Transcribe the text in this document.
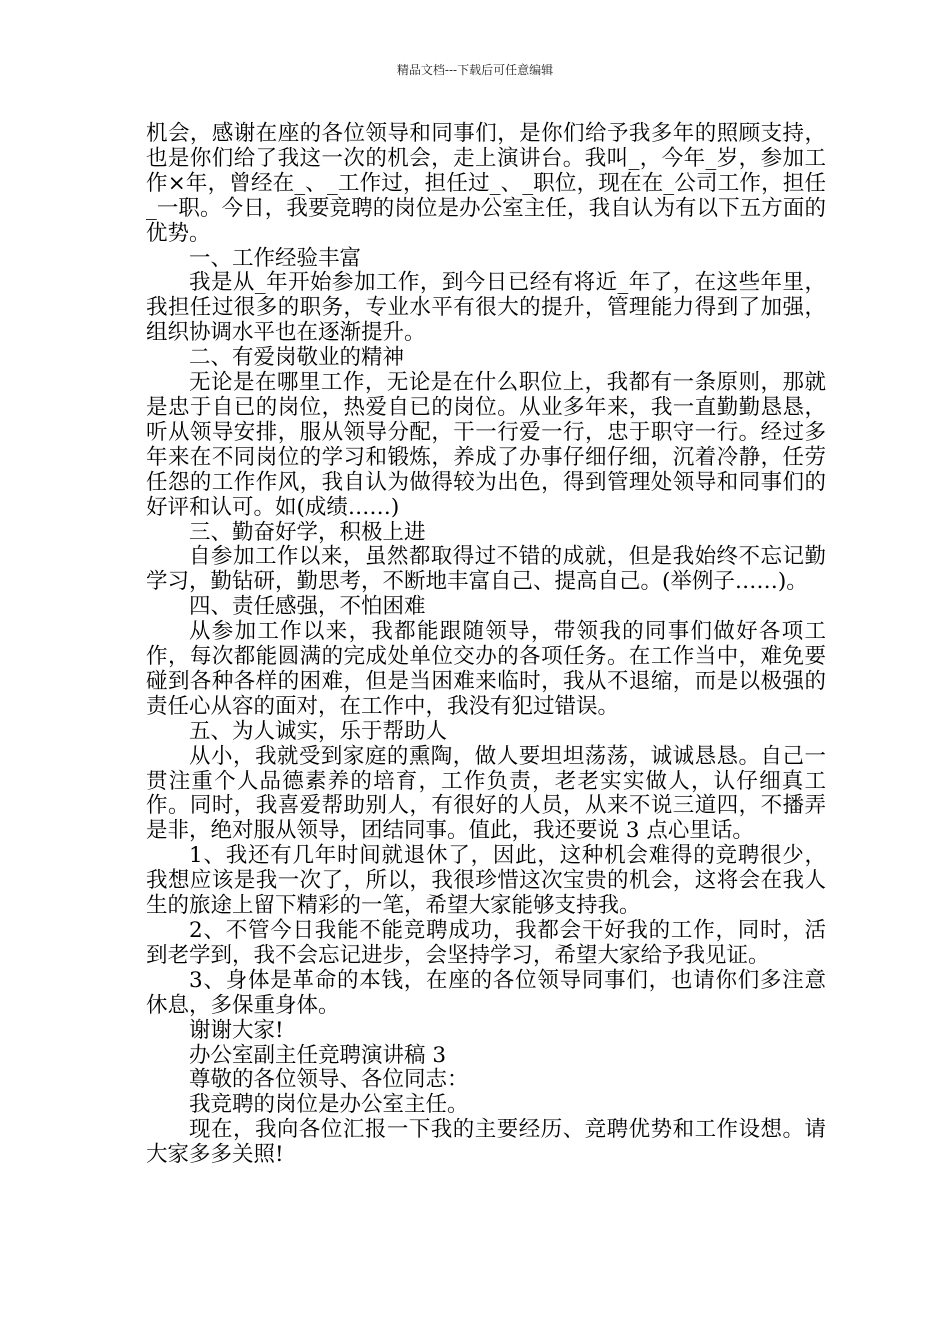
精品文档---下载后可任意编辑

机会，感谢在座的各位领导和同事们，是你们给予我多年的照顾支持，也是你们给了我这一次的机会，走上演讲台。我叫_，今年_岁，参加工作×年，曾经在_、_工作过，担任过_、_职位，现在在_公司工作，担任_一职。今日，我要竞聘的岗位是办公室主任，我自认为有以下五方面的优势。

一、工作经验丰富

我是从_年开始参加工作，到今日已经有将近_年了，在这些年里，我担任过很多的职务，专业水平有很大的提升，管理能力得到了加强，组织协调水平也在逐渐提升。

二、有爱岗敬业的精神

无论是在哪里工作，无论是在什么职位上，我都有一条原则，那就是忠于自已的岗位，热爱自已的岗位。从业多年来，我一直勤勤恳恳，听从领导安排，服从领导分配，干一行爱一行，忠于职守一行。经过多年来在不同岗位的学习和锻炼，养成了办事仔细仔细，沉着冷静，任劳任怨的工作作风，我自认为做得较为出色，得到管理处领导和同事们的好评和认可。如(成绩……)

三、勤奋好学，积极上进

自参加工作以来，虽然都取得过不错的成就，但是我始终不忘记勤学习，勤钻研，勤思考，不断地丰富自己、提高自己。(举例子……)。

四、责任感强，不怕困难

从参加工作以来，我都能跟随领导，带领我的同事们做好各项工作，每次都能圆满的完成处单位交办的各项任务。在工作当中，难免要碰到各种各样的困难，但是当困难来临时，我从不退缩，而是以极强的责任心从容的面对，在工作中，我没有犯过错误。

五、为人诚实，乐于帮助人

从小，我就受到家庭的熏陶，做人要坦坦荡荡，诚诚恳恳。自己一贯注重个人品德素养的培育，工作负责，老老实实做人，认仔细真工作。同时，我喜爱帮助别人，有很好的人员，从来不说三道四，不播弄是非，绝对服从领导，团结同事。值此，我还要说 3 点心里话。

1、我还有几年时间就退休了，因此，这种机会难得的竞聘很少，我想应该是我一次了，所以，我很珍惜这次宝贵的机会，这将会在我人生的旅途上留下精彩的一笔，希望大家能够支持我。

2、不管今日我能不能竞聘成功，我都会干好我的工作，同时，活到老学到，我不会忘记进步，会坚持学习，希望大家给予我见证。

3、身体是革命的本钱，在座的各位领导同事们，也请你们多注意休息，多保重身体。

谢谢大家!

办公室副主任竞聘演讲稿 3

尊敬的各位领导、各位同志：

我竞聘的岗位是办公室主任。

现在，我向各位汇报一下我的主要经历、竞聘优势和工作设想。请大家多多关照!
